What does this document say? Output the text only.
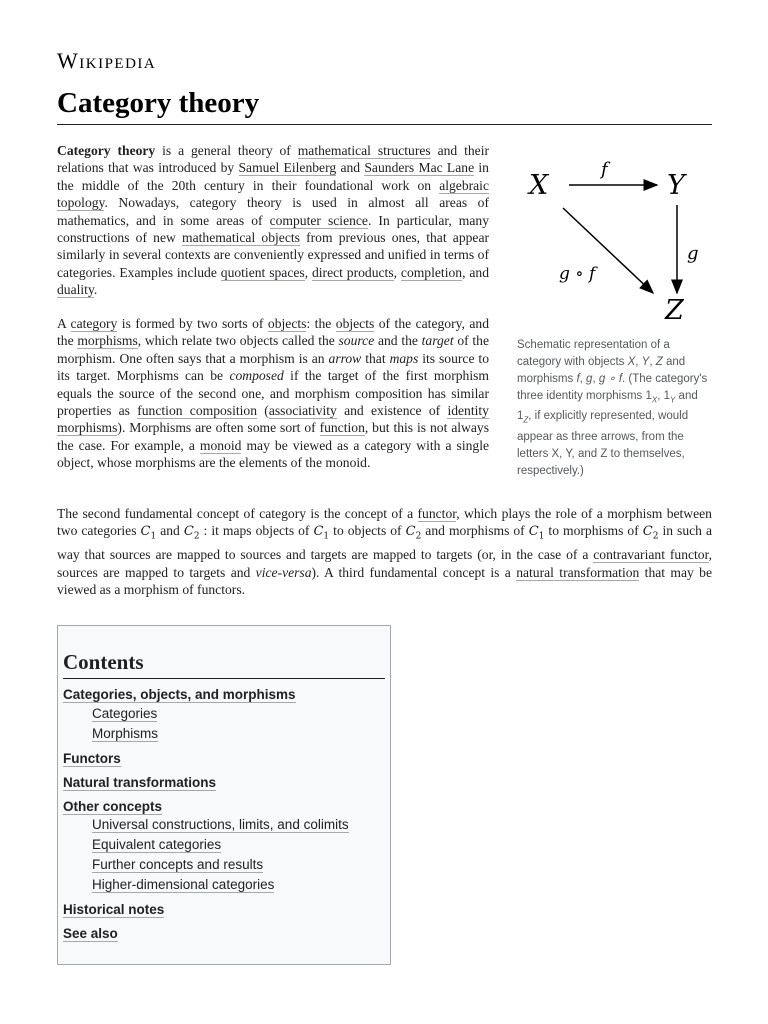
Wikipedia
Category theory

Category theory is a general theory of mathematical structures and their relations that was introduced by Samuel Eilenberg and Saunders Mac Lane in the middle of the 20th century in their foundational work on algebraic topology. Nowadays, category theory is used in almost all areas of mathematics, and in some areas of computer science. In particular, many constructions of new mathematical objects from previous ones, that appear similarly in several contexts are conveniently expressed and unified in terms of categories. Examples include quotient spaces, direct products, completion, and duality.

A category is formed by two sorts of objects: the objects of the category, and the morphisms, which relate two objects called the source and the target of the morphism. One often says that a morphism is an arrow that maps its source to its target. Morphisms can be composed if the target of the first morphism equals the source of the second one, and morphism composition has similar properties as function composition (associativity and existence of identity morphisms). Morphisms are often some sort of function, but this is not always the case. For example, a monoid may be viewed as a category with a single object, whose morphisms are the elements of the monoid.

The second fundamental concept of category is the concept of a functor, which plays the role of a morphism between two categories $C_1$ and $C_2$ : it maps objects of $C_1$ to objects of $C_2$ and morphisms of $C_1$ to morphisms of $C_2$ in such a way that sources are mapped to sources and targets are mapped to targets (or, in the case of a contravariant functor, sources are mapped to targets and vice-versa). A third fundamental concept is a natural transformation that may be viewed as a morphism of functors.

X	Y
Z
f
g
g ∘ f

Schematic representation of a category with objects X, Y, Z and morphisms f, g, g ∘ f. (The category's three identity morphisms $1_X$, $1_Y$ and $1_Z$, if explicitly represented, would appear as three arrows, from the letters X, Y, and Z to themselves, respectively.)

Contents
Categories, objects, and morphisms
Categories
Morphisms
Functors
Natural transformations
Other concepts
Universal constructions, limits, and colimits
Equivalent categories
Further concepts and results
Higher-dimensional categories
Historical notes
See also
